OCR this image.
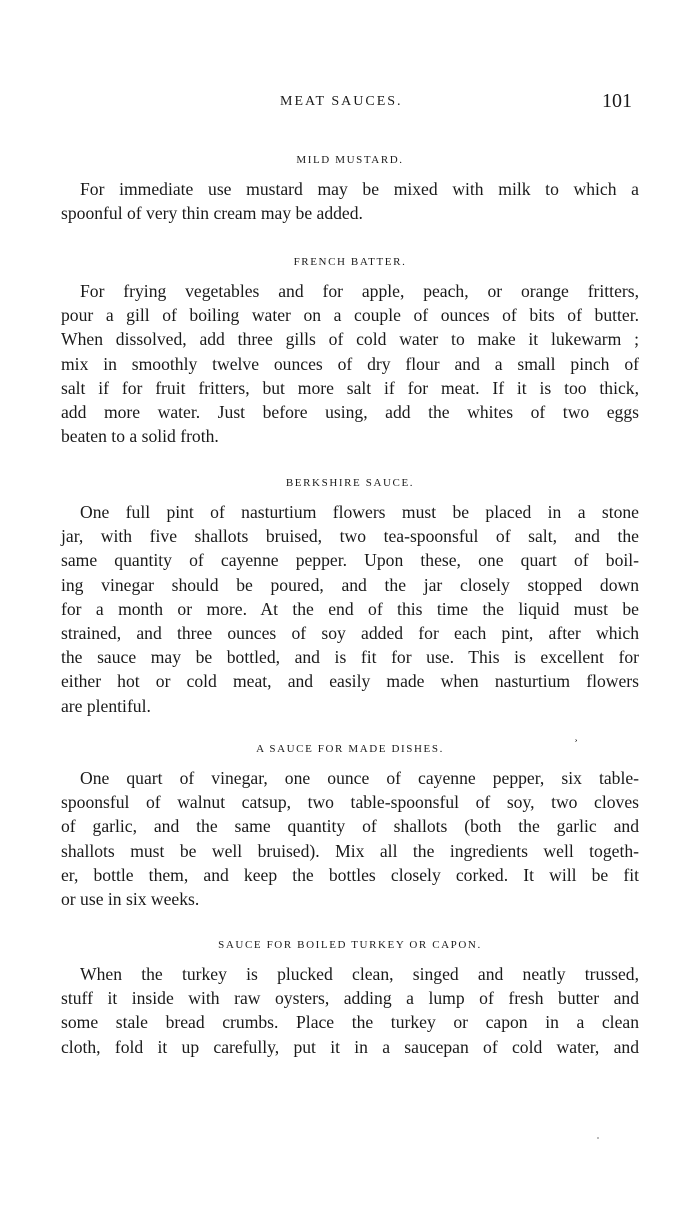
MEAT SAUCES.	101
MILD MUSTARD.
For immediate use mustard may be mixed with milk to which a
spoonful of very thin cream may be added.
FRENCH BATTER.
For frying vegetables and for apple, peach, or orange fritters,
pour a gill of boiling water on a couple of ounces of bits of butter.
When dissolved, add three gills of cold water to make it lukewarm ;
mix in smoothly twelve ounces of dry flour and a small pinch of
salt if for fruit fritters, but more salt if for meat. If it is too thick,
add more water. Just before using, add the whites of two eggs
beaten to a solid froth.
BERKSHIRE SAUCE.
One full pint of nasturtium flowers must be placed in a stone
jar, with five shallots bruised, two tea-spoonsful of salt, and the
same quantity of cayenne pepper. Upon these, one quart of boil-
ing vinegar should be poured, and the jar closely stopped down
for a month or more. At the end of this time the liquid must be
strained, and three ounces of soy added for each pint, after which
the sauce may be bottled, and is fit for use. This is excellent for
either hot or cold meat, and easily made when nasturtium flowers
are plentiful.
A SAUCE FOR MADE DISHES.
One quart of vinegar, one ounce of cayenne pepper, six table-
spoonsful of walnut catsup, two table-spoonsful of soy, two cloves
of garlic, and the same quantity of shallots (both the garlic and
shallots must be well bruised). Mix all the ingredients well togeth-
er, bottle them, and keep the bottles closely corked. It will be fit
or use in six weeks.
SAUCE FOR BOILED TURKEY OR CAPON.
When the turkey is plucked clean, singed and neatly trussed,
stuff it inside with raw oysters, adding a lump of fresh butter and
some stale bread crumbs. Place the turkey or capon in a clean
cloth, fold it up carefully, put it in a saucepan of cold water, and
